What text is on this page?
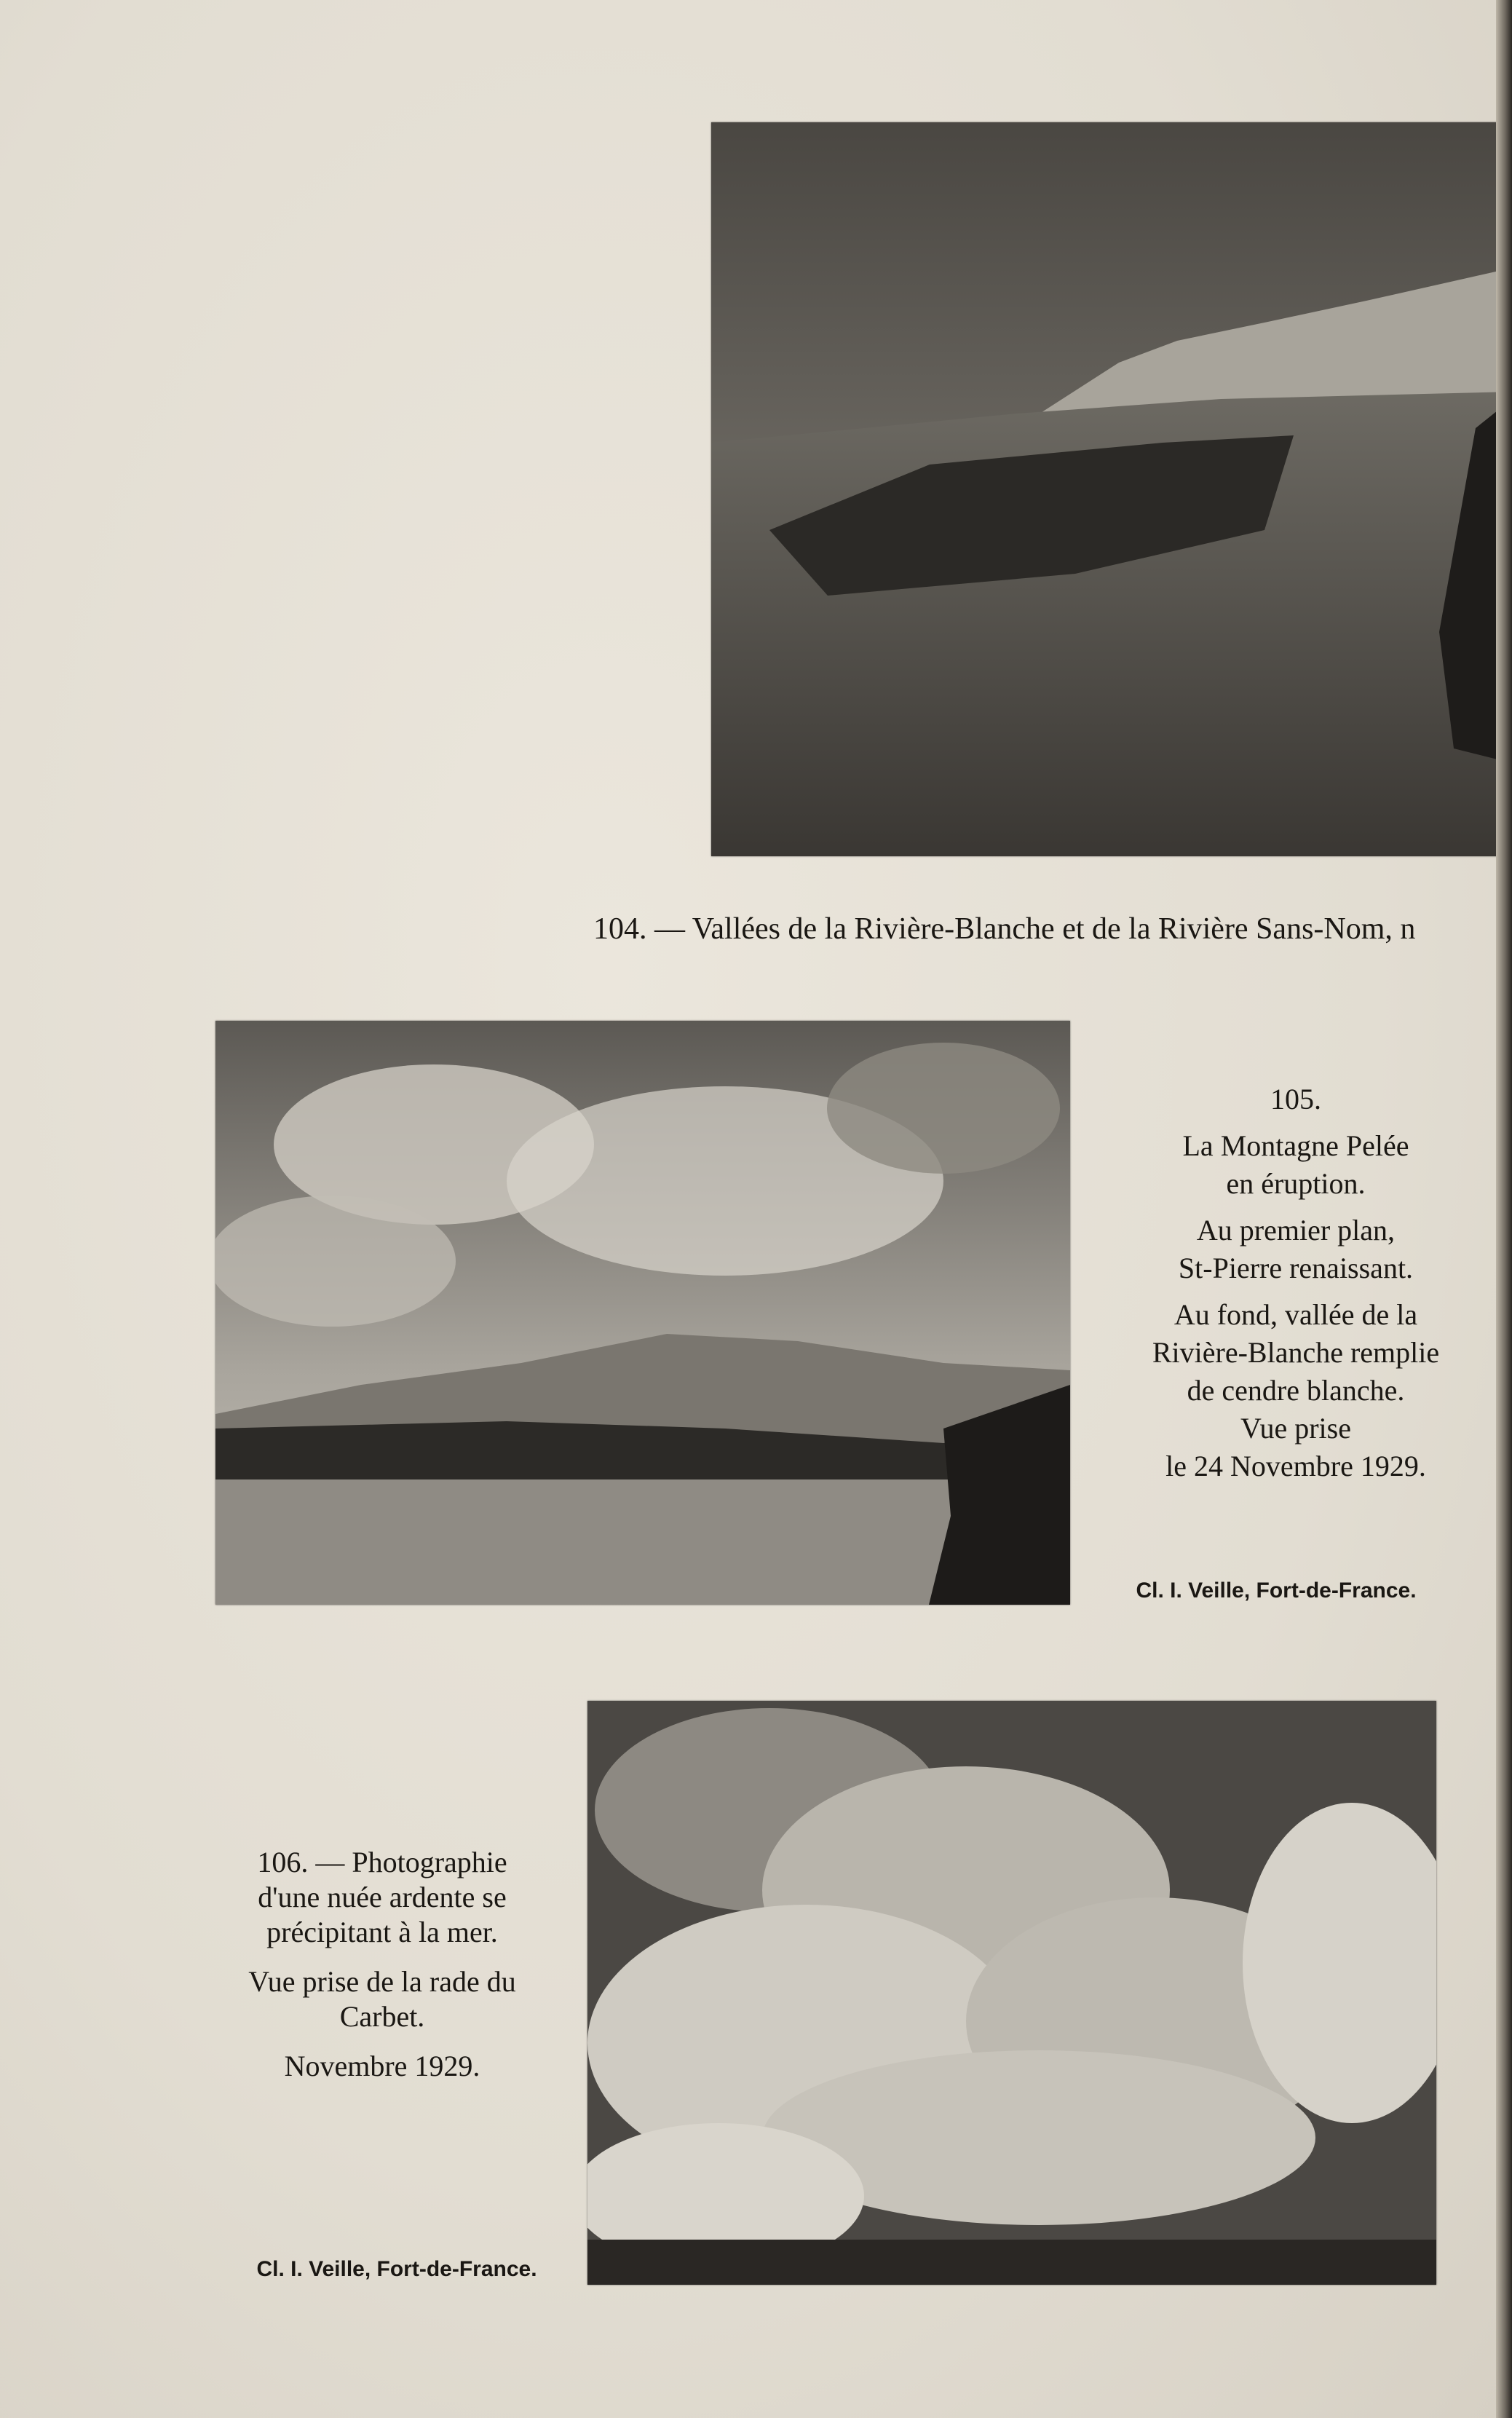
104. — Vallées de la Rivière-Blanche et de la Rivière Sans-Nom, n

105.

La Montagne Pelée

en éruption.

Au premier plan,

St-Pierre renaissant.

Au fond, vallée de la

Rivière-Blanche remplie

de cendre blanche.

Vue prise

le 24 Novembre 1929.

Cl. I. Veille, Fort-de-France.

106. — Photographie

d'une nuée ardente se

précipitant à la mer.

Vue prise de la rade du

Carbet.

Novembre 1929.

Cl. I. Veille, Fort-de-France.
